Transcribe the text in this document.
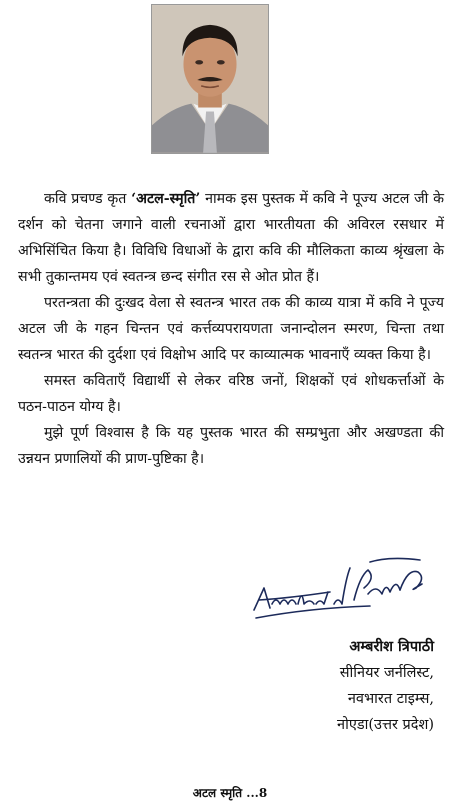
कवि प्रचण्ड कृत ‘अटल-स्मृति’ नामक इस पुस्तक में कवि ने पूज्य अटल जी के दर्शन को चेतना जगाने वाली रचनाओं द्वारा भारतीयता की अविरल रसधार में अभिसिंचित किया है। विविधि विधाओं के द्वारा कवि की मौलिकता काव्य श्रृंखला के सभी तुकान्तमय एवं स्वतन्त्र छन्द संगीत रस से ओत प्रोत हैं।

परतन्त्रता की दुःखद वेला से स्वतन्त्र भारत तक की काव्य यात्रा में कवि ने पूज्य अटल जी के गहन चिन्तन एवं कर्त्तव्यपरायणता जनान्दोलन स्मरण, चिन्ता तथा स्वतन्त्र भारत की दुर्दशा एवं विक्षोभ आदि पर काव्यात्मक भावनाएँ व्यक्त किया है।

समस्त कविताएँ विद्यार्थी से लेकर वरिष्ठ जनों, शिक्षकों एवं शोधकर्त्ताओं के पठन-पाठन योग्य है।

मुझे पूर्ण विश्वास है कि यह पुस्तक भारत की सम्प्रभुता और अखण्डता की उन्नयन प्रणालियों की प्राण-पुष्टिका है।

अम्बरीश त्रिपाठी
सीनियर जर्नलिस्ट,
नवभारत टाइम्स,
नोएडा(उत्तर प्रदेश)
अटल स्मृति ...8
